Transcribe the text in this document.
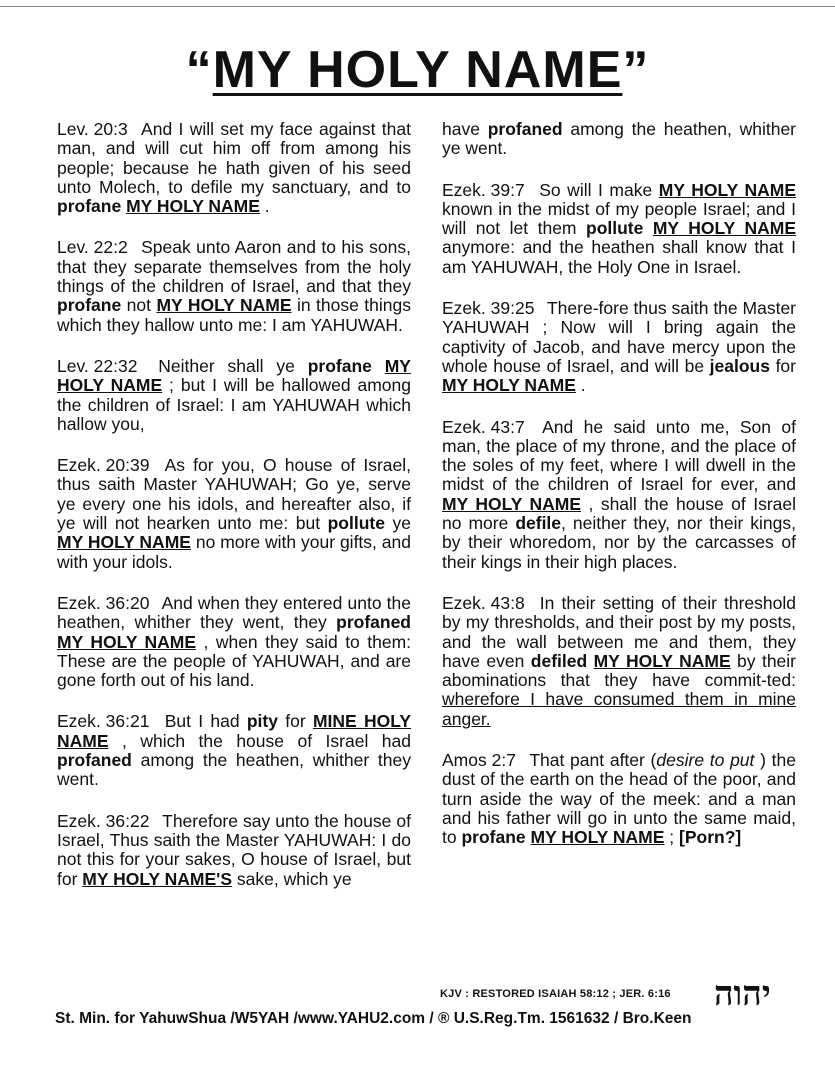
“MY HOLY NAME”
Lev. 20:3 And I will set my face against that man, and will cut him off from among his people; because he hath given of his seed unto Molech, to defile my sanctuary, and to profane MY HOLY NAME .
Lev. 22:2 Speak unto Aaron and to his sons, that they separate themselves from the holy things of the children of Israel, and that they profane not MY HOLY NAME in those things which they hallow unto me: I am YAHUWAH.
Lev. 22:32 Neither shall ye profane MY HOLY NAME ; but I will be hallowed among the children of Israel: I am YAHUWAH which hallow you,
Ezek. 20:39 As for you, O house of Israel, thus saith Master YAHUWAH; Go ye, serve ye every one his idols, and hereafter also, if ye will not hearken unto me: but pollute ye MY HOLY NAME no more with your gifts, and with your idols.
Ezek. 36:20 And when they entered unto the heathen, whither they went, they profaned MY HOLY NAME , when they said to them: These are the people of YAHUWAH, and are gone forth out of his land.
Ezek. 36:21 But I had pity for MINE HOLY NAME , which the house of Israel had profaned among the heathen, whither they went.
Ezek. 36:22 Therefore say unto the house of Israel, Thus saith the Master YAHUWAH: I do not this for your sakes, O house of Israel, but for MY HOLY NAME'S sake, which ye
have profaned among the heathen, whither ye went.
Ezek. 39:7 So will I make MY HOLY NAME known in the midst of my people Israel; and I will not let them pollute MY HOLY NAME anymore: and the heathen shall know that I am YAHUWAH, the Holy One in Israel.
Ezek. 39:25 There-fore thus saith the Master YAHUWAH ; Now will I bring again the captivity of Jacob, and have mercy upon the whole house of Israel, and will be jealous for MY HOLY NAME .
Ezek. 43:7 And he said unto me, Son of man, the place of my throne, and the place of the soles of my feet, where I will dwell in the midst of the children of Israel for ever, and MY HOLY NAME , shall the house of Israel no more defile, neither they, nor their kings, by their whoredom, nor by the carcasses of their kings in their high places.
Ezek. 43:8 In their setting of their threshold by my thresholds, and their post by my posts, and the wall between me and them, they have even defiled MY HOLY NAME by their abominations that they have commit-ted: wherefore I have consumed them in mine anger.
Amos 2:7 That pant after (desire to put ) the dust of the earth on the head of the poor, and turn aside the way of the meek: and a man and his father will go in unto the same maid, to profane MY HOLY NAME ; [Porn?]
KJV : RESTORED ISAIAH 58:12 ; JER. 6:16 יהוה
St. Min. for YahuwShua /W5YAH /www.YAHU2.com / ® U.S.Reg.Tm. 1561632 / Bro.Keen
